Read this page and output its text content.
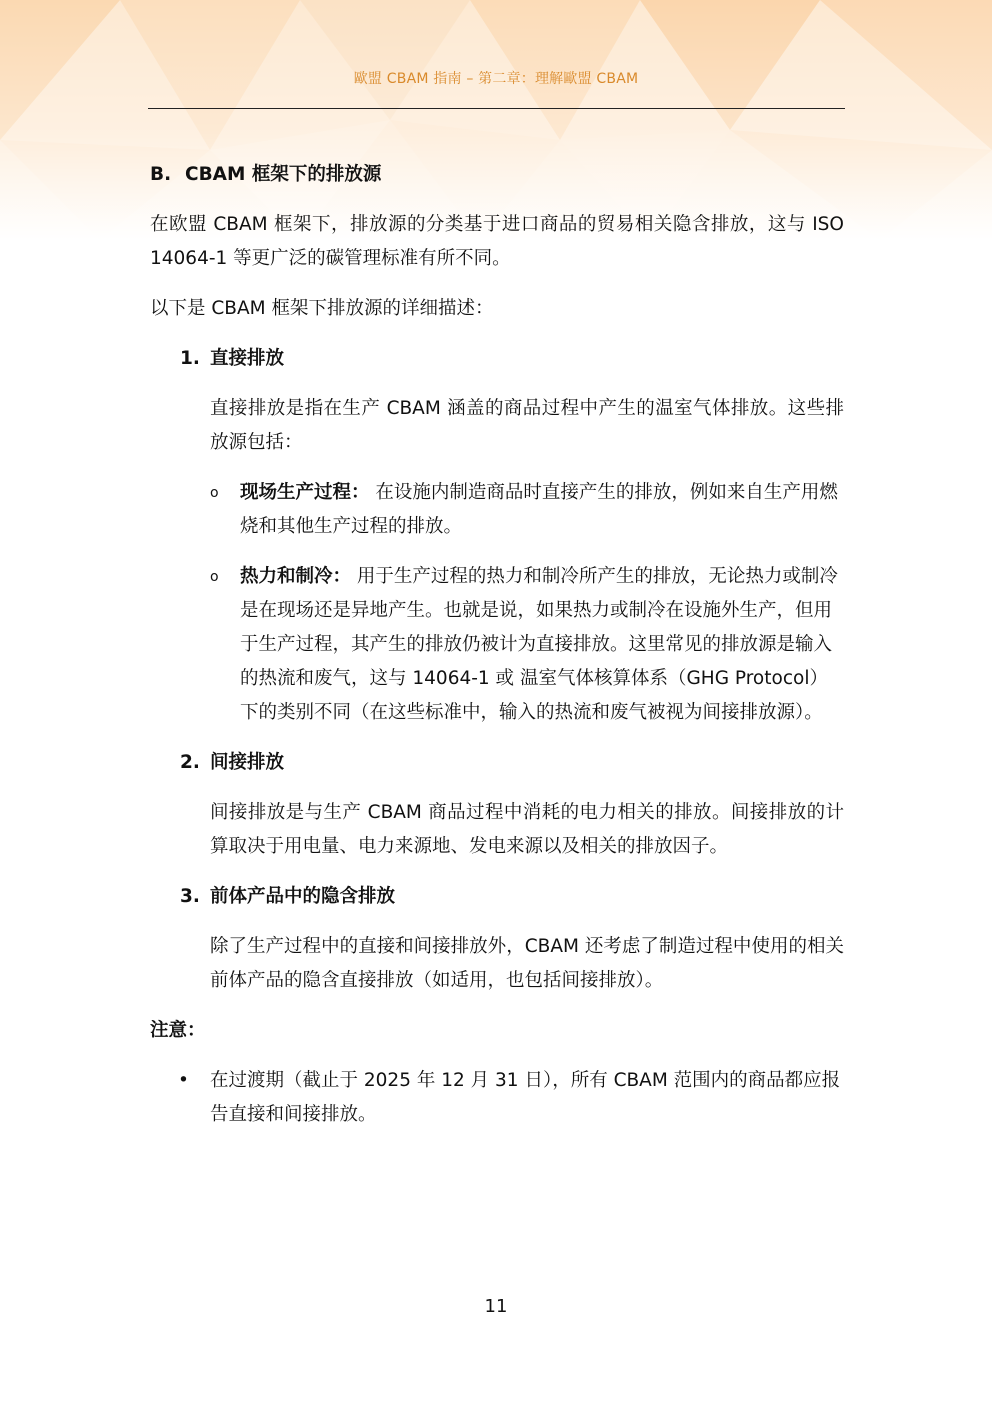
歐盟 CBAM 指南 – 第二章：理解歐盟 CBAM
B. CBAM 框架下的排放源
在欧盟 CBAM 框架下，排放源的分类基于进口商品的贸易相关隐含排放，这与 ISO 14064-1 等更广泛的碳管理标准有所不同。
以下是 CBAM 框架下排放源的详细描述：
1. 直接排放
直接排放是指在生产 CBAM 涵盖的商品过程中产生的温室气体排放。这些排放源包括：
o 现场生产过程： 在设施内制造商品时直接产生的排放，例如来自生产用燃烧和其他生产过程的排放。
o 热力和制冷： 用于生产过程的热力和制冷所产生的排放，无论热力或制冷是在现场还是异地产生。也就是说，如果热力或制冷在设施外生产，但用于生产过程，其产生的排放仍被计为直接排放。这里常见的排放源是输入的热流和废气，这与 14064-1 或 温室气体核算体系（GHG Protocol）下的类别不同（在这些标准中，输入的热流和废气被视为间接排放源）。
2. 间接排放
间接排放是与生产 CBAM 商品过程中消耗的电力相关的排放。间接排放的计算取决于用电量、电力来源地、发电来源以及相关的排放因子。
3. 前体产品中的隐含排放
除了生产过程中的直接和间接排放外，CBAM 还考虑了制造过程中使用的相关前体产品的隐含直接排放（如适用，也包括间接排放）。
注意：
• 在过渡期（截止于 2025 年 12 月 31 日），所有 CBAM 范围内的商品都应报告直接和间接排放。
11
